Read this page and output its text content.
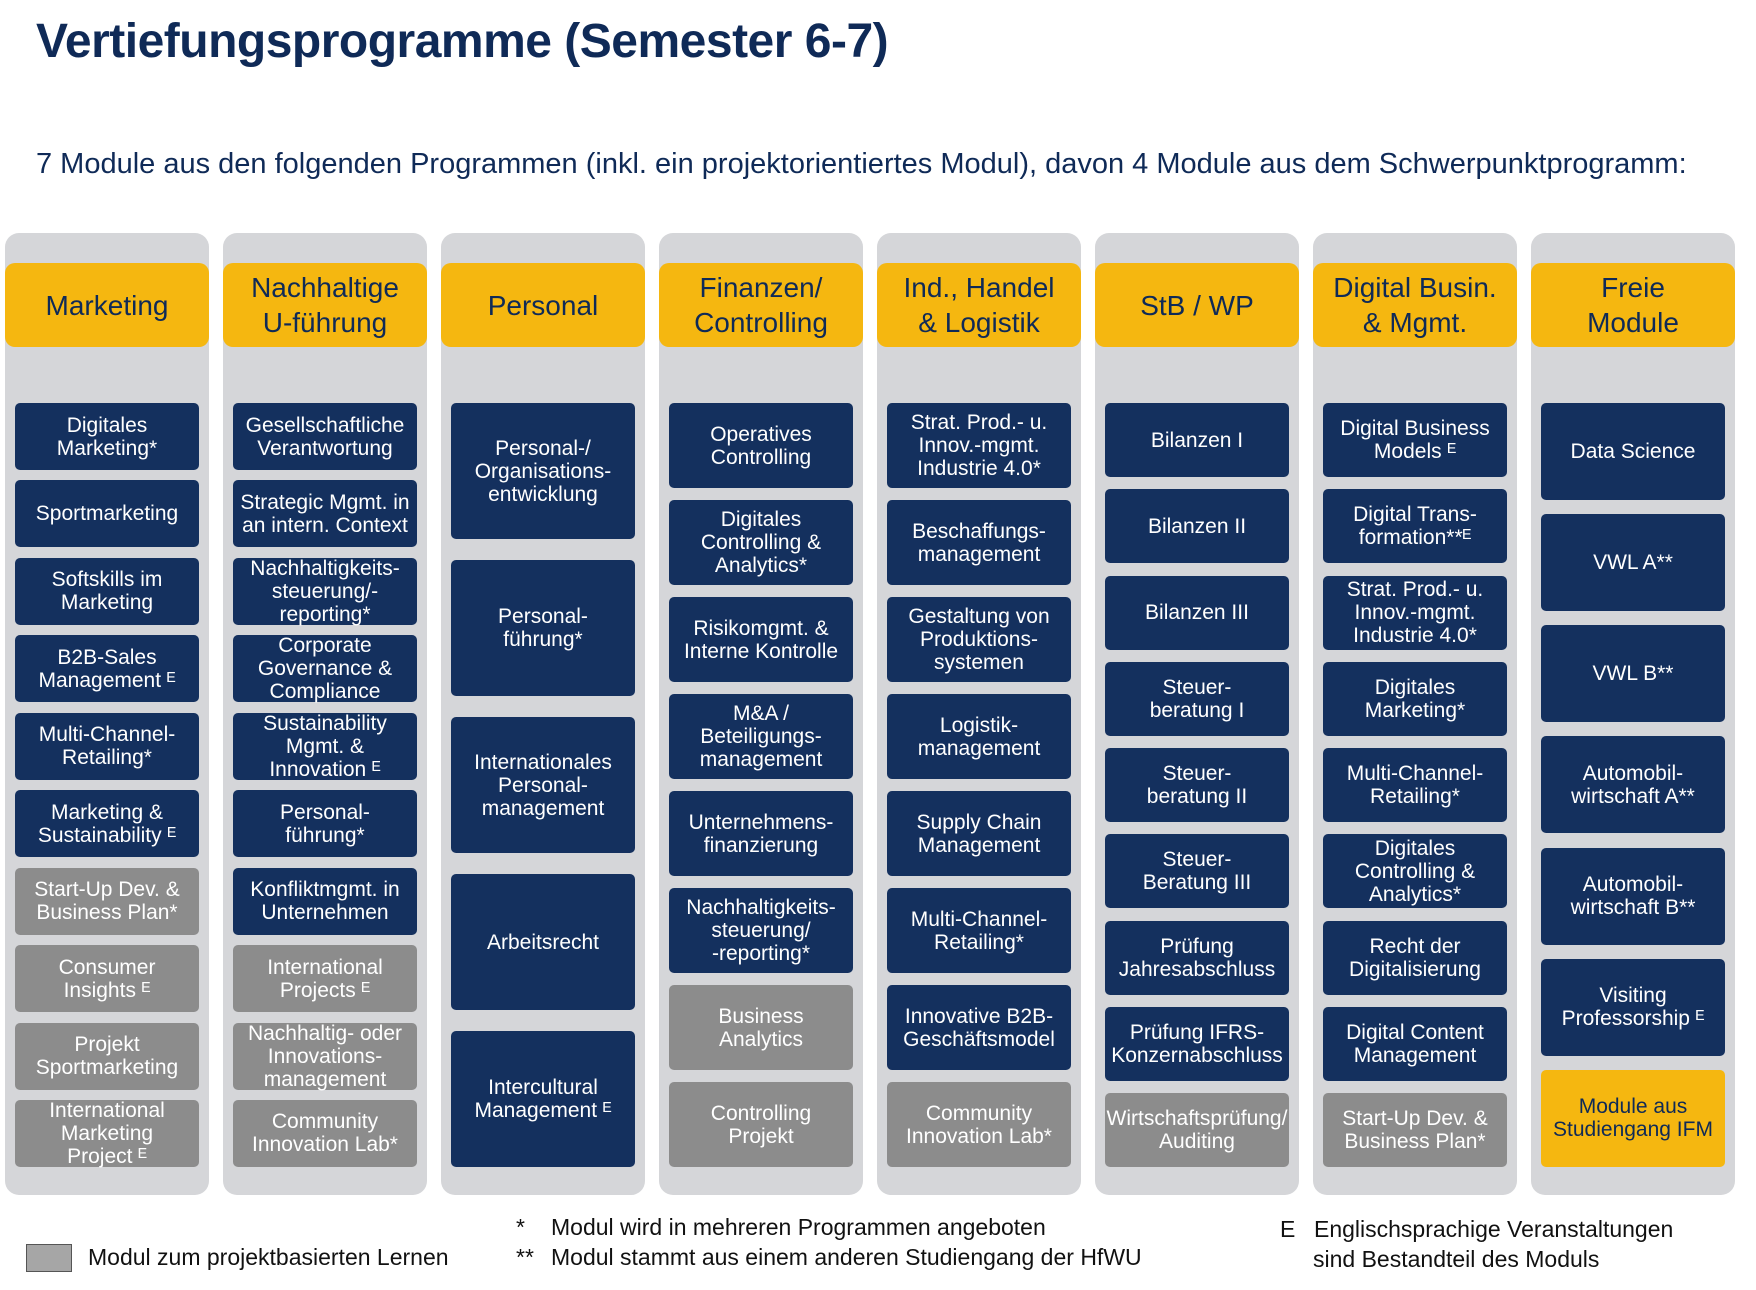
Vertiefungsprogramme (Semester 6-7)
7 Module aus den folgenden Programmen (inkl. ein projektorientiertes Modul), davon 4 Module aus dem Schwerpunktprogramm:
Marketing
Digitales
Marketing*
Sportmarketing
Softskills im
Marketing
B2B-Sales
Management ᴱ
Multi-Channel-
Retailing*
Marketing &
Sustainability ᴱ
Start-Up Dev. &
Business Plan*
Consumer
Insights ᴱ
Projekt
Sportmarketing
International
Marketing
Project ᴱ
Nachhaltige
U-führung
Gesellschaftliche
Verantwortung
Strategic Mgmt. in
an intern. Context
Nachhaltigkeits-
steuerung/-
reporting*
Corporate
Governance &
Compliance
Sustainability
Mgmt. &
Innovation ᴱ
Personal-
führung*
Konfliktmgmt. in
Unternehmen
International
Projects ᴱ
Nachhaltig- oder
Innovations-
management
Community
Innovation Lab*
Personal
Personal-/
Organisations-
entwicklung
Personal-
führung*
Internationales
Personal-
management
Arbeitsrecht
Intercultural
Management ᴱ
Finanzen/
Controlling
Operatives
Controlling
Digitales
Controlling &
Analytics*
Risikomgmt. &
Interne Kontrolle
M&A /
Beteiligungs-
management
Unternehmens-
finanzierung
Nachhaltigkeits-
steuerung/
-reporting*
Business
Analytics
Controlling
Projekt
Ind., Handel
& Logistik
Strat. Prod.- u.
Innov.-mgmt.
Industrie 4.0*
Beschaffungs-
management
Gestaltung von
Produktions-
systemen
Logistik-
management
Supply Chain
Management
Multi-Channel-
Retailing*
Innovative B2B-
Geschäftsmodel
Community
Innovation Lab*
StB / WP
Bilanzen I
Bilanzen II
Bilanzen III
Steuer-
beratung I
Steuer-
beratung II
Steuer-
Beratung III
Prüfung
Jahresabschluss
Prüfung IFRS-
Konzernabschluss
Wirtschaftsprüfung/
Auditing
Digital Busin.
& Mgmt.
Digital Business
Models ᴱ
Digital Trans-
formation**ᴱ
Strat. Prod.- u.
Innov.-mgmt.
Industrie 4.0*
Digitales
Marketing*
Multi-Channel-
Retailing*
Digitales
Controlling &
Analytics*
Recht der
Digitalisierung
Digital Content
Management
Start-Up Dev. &
Business Plan*
Freie
Module
Data Science
VWL A**
VWL B**
Automobil-
wirtschaft A**
Automobil-
wirtschaft B**
Visiting
Professorship ᴱ
Module aus
Studiengang IFM
Modul zum projektbasierten Lernen
* Modul wird in mehreren Programmen angeboten
** Modul stammt aus einem anderen Studiengang der HfWU
E Englischsprachige Veranstaltungen
sind Bestandteil des Moduls
